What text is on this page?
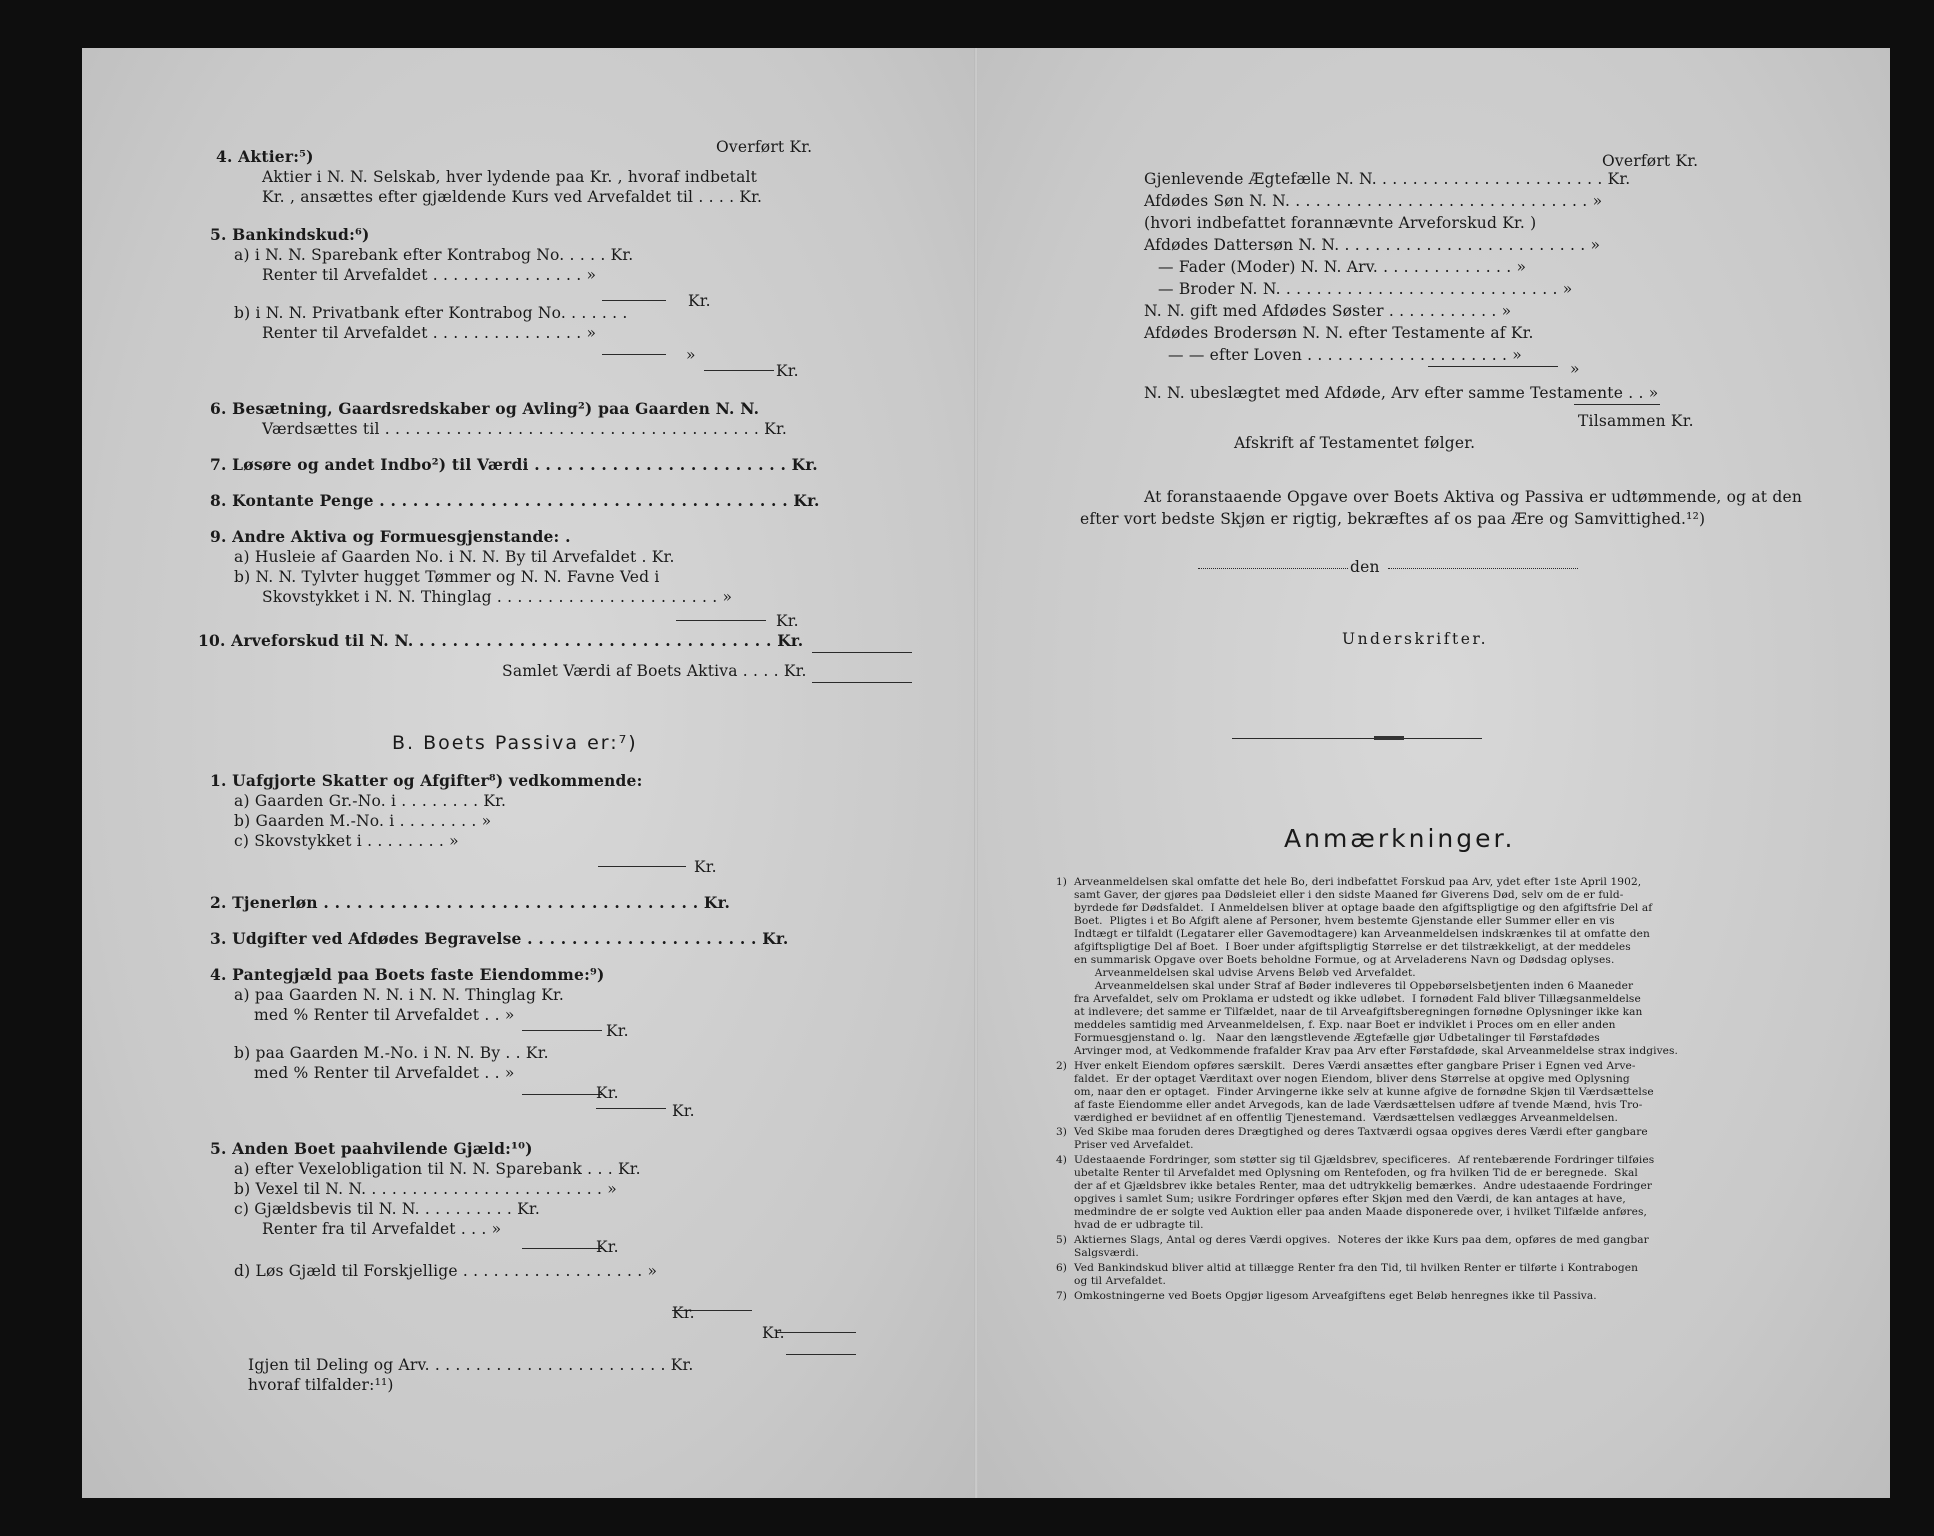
Overført Kr.
4. Aktier:⁵)
Aktier i N. N. Selskab, hver lydende paa Kr. , hvoraf indbetalt
Kr. , ansættes efter gjældende Kurs ved Arvefaldet til . . . . Kr.
5. Bankindskud:⁶)
a) i N. N. Sparebank efter Kontrabog No. . . . . Kr.
Renter til Arvefaldet . . . . . . . . . . . . . . . »
Kr.
b) i N. N. Privatbank efter Kontrabog No. . . . . . .
Renter til Arvefaldet . . . . . . . . . . . . . . . »
»
Kr.
6. Besætning, Gaardsredskaber og Avling²) paa Gaarden N. N.
Værdsættes til . . . . . . . . . . . . . . . . . . . . . . . . . . . . . . . . . . . . . Kr.
7. Løsøre og andet Indbo²) til Værdi . . . . . . . . . . . . . . . . . . . . . . . Kr.
8. Kontante Penge . . . . . . . . . . . . . . . . . . . . . . . . . . . . . . . . . . . . . Kr.
9. Andre Aktiva og Formuesgjenstande: .
a) Husleie af Gaarden No. i N. N. By til Arvefaldet . Kr.
b) N. N. Tylvter hugget Tømmer og N. N. Favne Ved i
Skovstykket i N. N. Thinglag . . . . . . . . . . . . . . . . . . . . . . »
Kr.
10. Arveforskud til N. N. . . . . . . . . . . . . . . . . . . . . . . . . . . . . . . . . Kr.
Samlet Værdi af Boets Aktiva . . . . Kr.
B. Boets Passiva er:⁷)
1. Uafgjorte Skatter og Afgifter⁸) vedkommende:
a) Gaarden Gr.-No. i . . . . . . . . Kr.
b) Gaarden M.-No. i . . . . . . . . »
c) Skovstykket i . . . . . . . . »
Kr.
2. Tjenerløn . . . . . . . . . . . . . . . . . . . . . . . . . . . . . . . . . . Kr.
3. Udgifter ved Afdødes Begravelse . . . . . . . . . . . . . . . . . . . . . Kr.
4. Pantegjæld paa Boets faste Eiendomme:⁹)
a) paa Gaarden N. N. i N. N. Thinglag Kr.
med % Renter til Arvefaldet . . »
Kr.
b) paa Gaarden M.-No. i N. N. By . . Kr.
med % Renter til Arvefaldet . . »
Kr.
Kr.
5. Anden Boet paahvilende Gjæld:¹⁰)
a) efter Vexelobligation til N. N. Sparebank . . . Kr.
b) Vexel til N. N. . . . . . . . . . . . . . . . . . . . . . . . »
c) Gjældsbevis til N. N. . . . . . . . . . Kr.
Renter fra til Arvefaldet . . . »
Kr.
d) Løs Gjæld til Forskjellige . . . . . . . . . . . . . . . . . . »
Kr.
Kr.
Igjen til Deling og Arv. . . . . . . . . . . . . . . . . . . . . . . . Kr.
hvoraf tilfalder:¹¹)
Overført Kr.
Gjenlevende Ægtefælle N. N. . . . . . . . . . . . . . . . . . . . . . . Kr.
Afdødes Søn N. N. . . . . . . . . . . . . . . . . . . . . . . . . . . . . . »
(hvori indbefattet forannævnte Arveforskud Kr. )
Afdødes Dattersøn N. N. . . . . . . . . . . . . . . . . . . . . . . . . »
— Fader (Moder) N. N. Arv. . . . . . . . . . . . . . »
— Broder N. N. . . . . . . . . . . . . . . . . . . . . . . . . . . . »
N. N. gift med Afdødes Søster . . . . . . . . . . . »
Afdødes Brodersøn N. N. efter Testamente af Kr.
— — efter Loven . . . . . . . . . . . . . . . . . . . . »
»
N. N. ubeslægtet med Afdøde, Arv efter samme Testamente . . »
Tilsammen Kr.
Afskrift af Testamentet følger.
At foranstaaende Opgave over Boets Aktiva og Passiva er udtømmende, og at den
efter vort bedste Skjøn er rigtig, bekræftes af os paa Ære og Samvittighed.¹²)
den
Underskrifter.
Anmærkninger.
1) Arveanmeldelsen skal omfatte det hele Bo, deri indbefattet Forskud paa Arv, ydet efter 1ste April 1902,
samt Gaver, der gjøres paa Dødsleiet eller i den sidste Maaned før Giverens Død, selv om de er fuld-
byrdede før Dødsfaldet.  I Anmeldelsen bliver at optage baade den afgiftspligtige og den afgiftsfrie Del af
Boet.  Pligtes i et Bo Afgift alene af Personer, hvem bestemte Gjenstande eller Summer eller en vis
Indtægt er tilfaldt (Legatarer eller Gavemodtagere) kan Arveanmeldelsen indskrænkes til at omfatte den
afgiftspligtige Del af Boet.  I Boer under afgiftspligtig Størrelse er det tilstrækkeligt, at der meddeles
en summarisk Opgave over Boets beholdne Formue, og at Arveladerens Navn og Dødsdag oplyses.
Arveanmeldelsen skal udvise Arvens Beløb ved Arvefaldet.
Arveanmeldelsen skal under Straf af Bøder indleveres til Oppebørselsbetjenten inden 6 Maaneder
fra Arvefaldet, selv om Proklama er udstedt og ikke udløbet.  I fornødent Fald bliver Tillægsanmeldelse
at indlevere; det samme er Tilfældet, naar de til Arveafgiftsberegningen fornødne Oplysninger ikke kan
meddeles samtidig med Arveanmeldelsen, f. Exp. naar Boet er indviklet i Proces om en eller anden
Formuesgjenstand o. lg.   Naar den længstlevende Ægtefælle gjør Udbetalinger til Førstafdødes
Arvinger mod, at Vedkommende frafalder Krav paa Arv efter Førstafdøde, skal Arveanmeldelse strax indgives.
2) Hver enkelt Eiendom opføres særskilt.  Deres Værdi ansættes efter gangbare Priser i Egnen ved Arve-
faldet.  Er der optaget Værditaxt over nogen Eiendom, bliver dens Størrelse at opgive med Oplysning
om, naar den er optaget.  Finder Arvingerne ikke selv at kunne afgive de fornødne Skjøn til Værdsættelse
af faste Eiendomme eller andet Arvegods, kan de lade Værdsættelsen udføre af tvende Mænd, hvis Tro-
værdighed er beviidnet af en offentlig Tjenestemand.  Værdsættelsen vedlægges Arveanmeldelsen.
3) Ved Skibe maa foruden deres Drægtighed og deres Taxtværdi ogsaa opgives deres Værdi efter gangbare
Priser ved Arvefaldet.
4) Udestaaende Fordringer, som støtter sig til Gjældsbrev, specificeres.  Af rentebærende Fordringer tilføies
ubetalte Renter til Arvefaldet med Oplysning om Rentefoden, og fra hvilken Tid de er beregnede.  Skal
der af et Gjældsbrev ikke betales Renter, maa det udtrykkelig bemærkes.  Andre udestaaende Fordringer
opgives i samlet Sum; usikre Fordringer opføres efter Skjøn med den Værdi, de kan antages at have,
medmindre de er solgte ved Auktion eller paa anden Maade disponerede over, i hvilket Tilfælde anføres,
hvad de er udbragte til.
5) Aktiernes Slags, Antal og deres Værdi opgives.  Noteres der ikke Kurs paa dem, opføres de med gangbar
Salgsværdi.
6) Ved Bankindskud bliver altid at tillægge Renter fra den Tid, til hvilken Renter er tilførte i Kontrabogen
og til Arvefaldet.
7) Omkostningerne ved Boets Opgjør ligesom Arveafgiftens eget Beløb henregnes ikke til Passiva.
